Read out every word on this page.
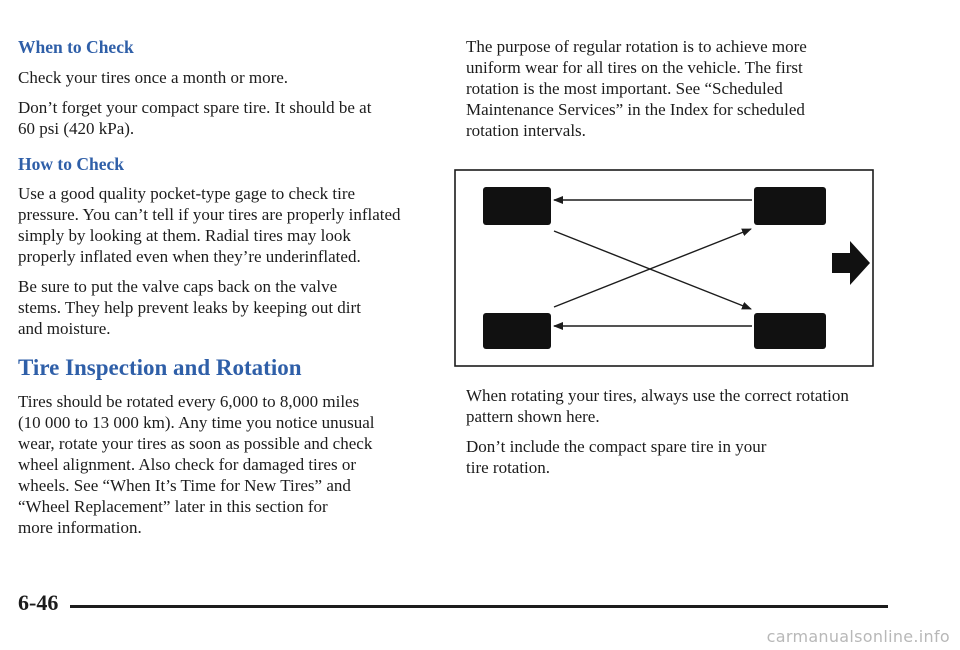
When to Check

Check your tires once a month or more.

Don’t forget your compact spare tire. It should be at
60 psi (420 kPa).

How to Check

Use a good quality pocket-type gage to check tire
pressure. You can’t tell if your tires are properly inflated
simply by looking at them. Radial tires may look
properly inflated even when they’re underinflated.

Be sure to put the valve caps back on the valve
stems. They help prevent leaks by keeping out dirt
and moisture.

Tire Inspection and Rotation

Tires should be rotated every 6,000 to 8,000 miles
(10 000 to 13 000 km). Any time you notice unusual
wear, rotate your tires as soon as possible and check
wheel alignment. Also check for damaged tires or
wheels. See “When It’s Time for New Tires” and
“Wheel Replacement” later in this section for
more information.

The purpose of regular rotation is to achieve more
uniform wear for all tires on the vehicle. The first
rotation is the most important. See “Scheduled
Maintenance Services” in the Index for scheduled
rotation intervals.

When rotating your tires, always use the correct rotation
pattern shown here.

Don’t include the compact spare tire in your
tire rotation.

6-46
carmanualsonline.info
